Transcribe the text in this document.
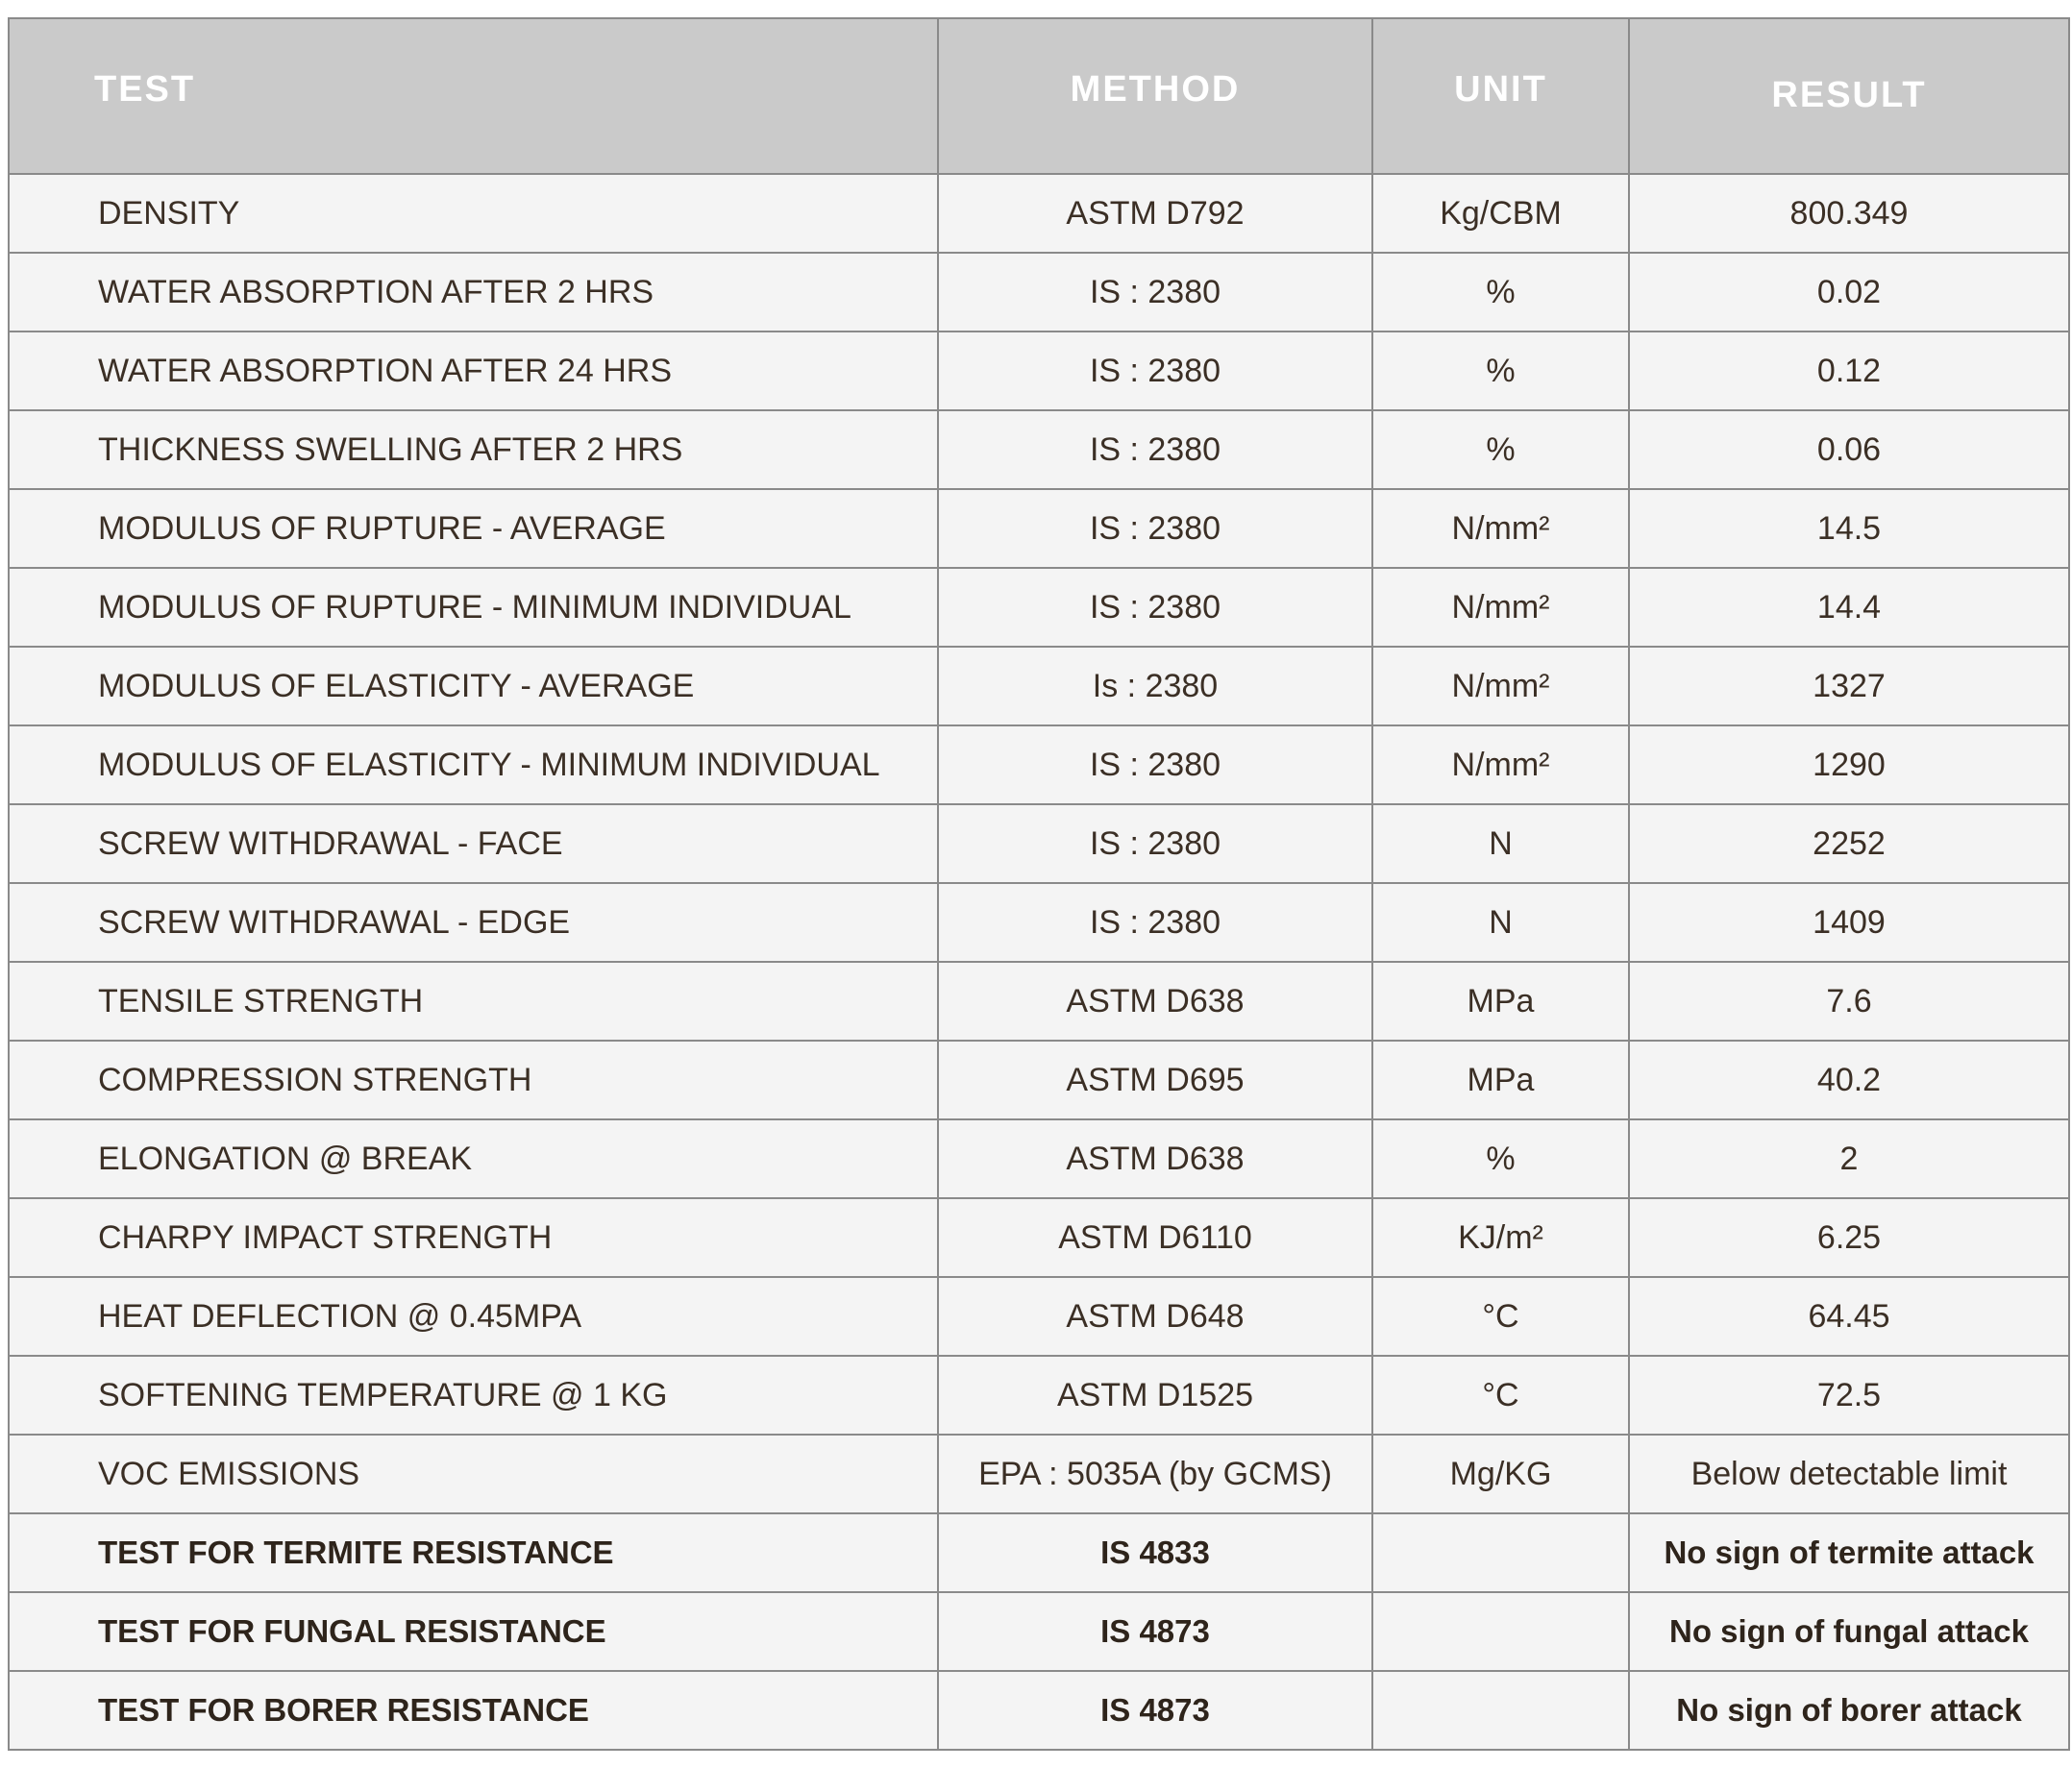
TEST	METHOD	UNIT	RESULT

DENSITY	ASTM D792	Kg/CBM	800.349
WATER ABSORPTION AFTER 2 HRS	IS : 2380	%	0.02
WATER ABSORPTION AFTER 24 HRS	IS : 2380	%	0.12
THICKNESS SWELLING AFTER 2 HRS	IS : 2380	%	0.06
MODULUS OF RUPTURE - AVERAGE	IS : 2380	N/mm²	14.5
MODULUS OF RUPTURE - MINIMUM INDIVIDUAL	IS : 2380	N/mm²	14.4
MODULUS OF ELASTICITY - AVERAGE	Is : 2380	N/mm²	1327
MODULUS OF ELASTICITY - MINIMUM INDIVIDUAL	IS : 2380	N/mm²	1290
SCREW WITHDRAWAL - FACE	IS : 2380	N	2252
SCREW WITHDRAWAL - EDGE	IS : 2380	N	1409
TENSILE STRENGTH	ASTM D638	MPa	7.6
COMPRESSION STRENGTH	ASTM D695	MPa	40.2
ELONGATION @ BREAK	ASTM D638	%	2
CHARPY IMPACT STRENGTH	ASTM D6110	KJ/m²	6.25
HEAT DEFLECTION @ 0.45MPA	ASTM D648	°C	64.45
SOFTENING TEMPERATURE @ 1 KG	ASTM D1525	°C	72.5
VOC EMISSIONS	EPA : 5035A (by GCMS)	Mg/KG	Below detectable limit
TEST FOR TERMITE RESISTANCE	IS 4833		No sign of termite attack
TEST FOR FUNGAL RESISTANCE	IS 4873		No sign of fungal attack
TEST FOR BORER RESISTANCE	IS 4873		No sign of borer attack
